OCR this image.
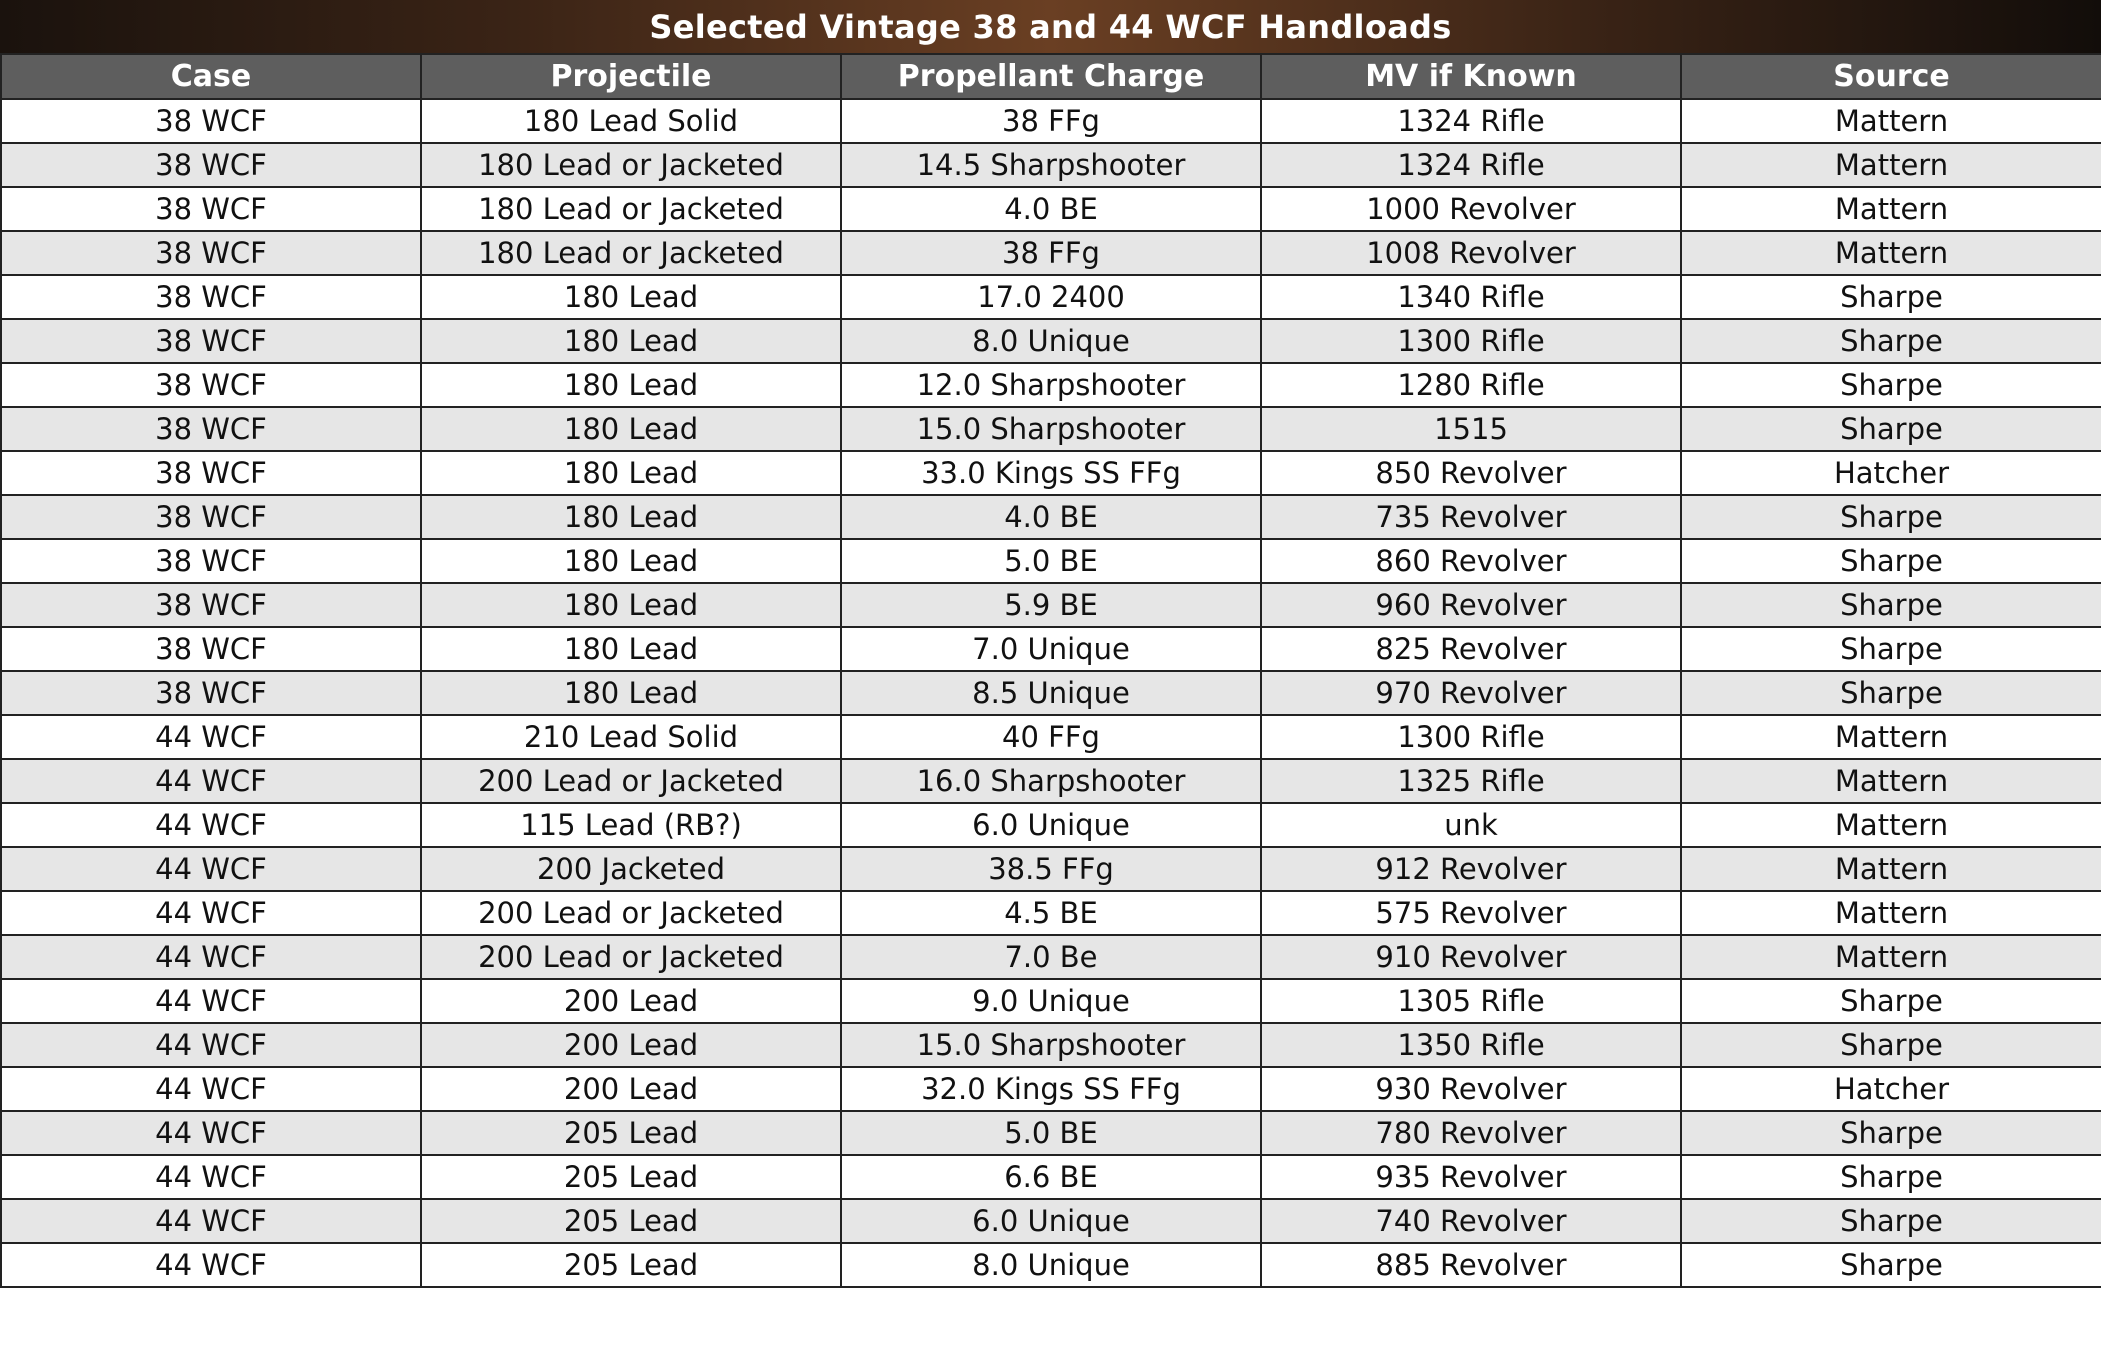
Selected Vintage 38 and 44 WCF Handloads
Case	Projectile	Propellant Charge	MV if Known	Source
38 WCF	180 Lead Solid	38 FFg	1324 Rifle	Mattern
38 WCF	180 Lead or Jacketed	14.5 Sharpshooter	1324 Rifle	Mattern
38 WCF	180 Lead or Jacketed	4.0 BE	1000 Revolver	Mattern
38 WCF	180 Lead or Jacketed	38 FFg	1008 Revolver	Mattern
38 WCF	180 Lead	17.0 2400	1340 Rifle	Sharpe
38 WCF	180 Lead	8.0 Unique	1300 Rifle	Sharpe
38 WCF	180 Lead	12.0 Sharpshooter	1280 Rifle	Sharpe
38 WCF	180 Lead	15.0 Sharpshooter	1515	Sharpe
38 WCF	180 Lead	33.0 Kings SS FFg	850 Revolver	Hatcher
38 WCF	180 Lead	4.0 BE	735 Revolver	Sharpe
38 WCF	180 Lead	5.0 BE	860 Revolver	Sharpe
38 WCF	180 Lead	5.9 BE	960 Revolver	Sharpe
38 WCF	180 Lead	7.0 Unique	825 Revolver	Sharpe
38 WCF	180 Lead	8.5 Unique	970 Revolver	Sharpe
44 WCF	210 Lead Solid	40 FFg	1300 Rifle	Mattern
44 WCF	200 Lead or Jacketed	16.0 Sharpshooter	1325 Rifle	Mattern
44 WCF	115 Lead (RB?)	6.0 Unique	unk	Mattern
44 WCF	200 Jacketed	38.5 FFg	912 Revolver	Mattern
44 WCF	200 Lead or Jacketed	4.5 BE	575 Revolver	Mattern
44 WCF	200 Lead or Jacketed	7.0 Be	910 Revolver	Mattern
44 WCF	200 Lead	9.0 Unique	1305 Rifle	Sharpe
44 WCF	200 Lead	15.0 Sharpshooter	1350 Rifle	Sharpe
44 WCF	200 Lead	32.0 Kings SS FFg	930 Revolver	Hatcher
44 WCF	205 Lead	5.0 BE	780 Revolver	Sharpe
44 WCF	205 Lead	6.6 BE	935 Revolver	Sharpe
44 WCF	205 Lead	6.0 Unique	740 Revolver	Sharpe
44 WCF	205 Lead	8.0 Unique	885 Revolver	Sharpe
